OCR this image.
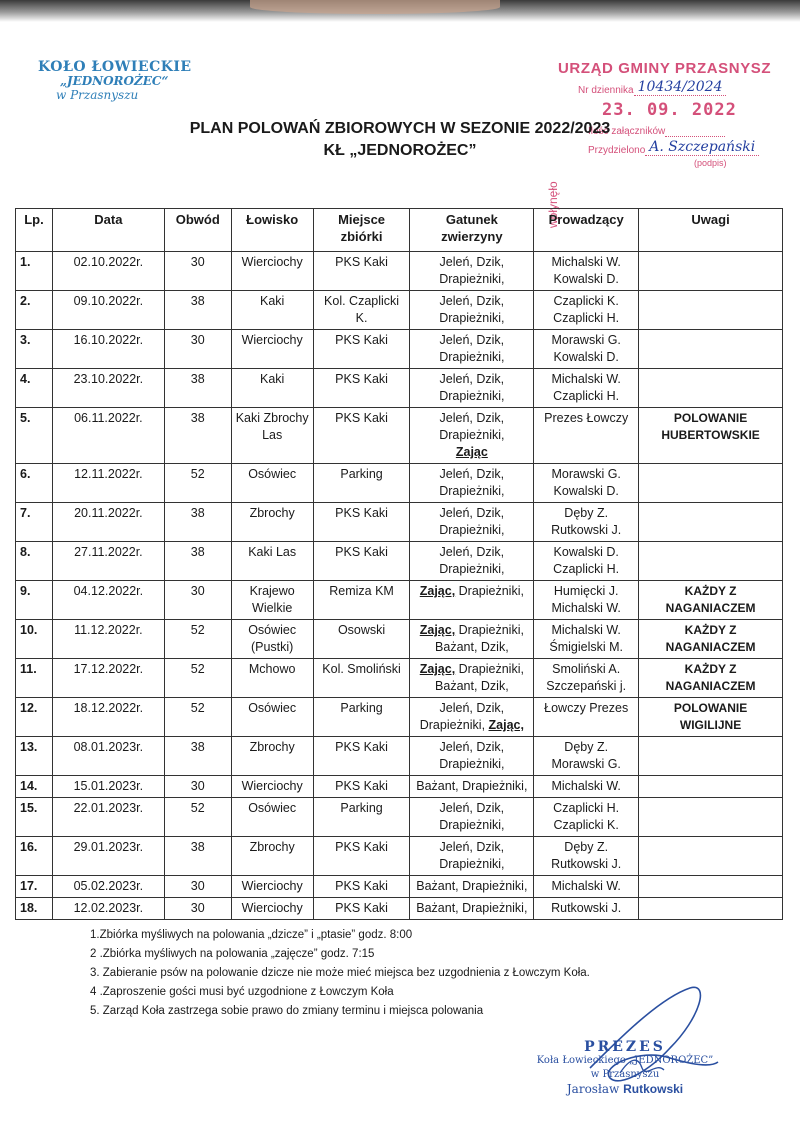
KOŁO ŁOWIECKIE
„JEDNOROŻEC“
w Przasnyszu
URZĄD GMINY PRZASNYSZ
Nr dziennika 10434/2024
23. 09. 2022
Ilość załączników
Przydzielono A. Szczepański
(podpis)
wpłynęło
PLAN POLOWAŃ ZBIOROWYCH W SEZONIE 2022/2023
KŁ „JEDNOROŻEC”
Lp.	Data	Obwód	Łowisko	Miejsce zbiórki	Gatunek zwierzyny	Prowadzący	Uwagi
1.	02.10.2022r.	30	Wierciochy	PKS Kaki	Jeleń, Dzik, Drapieżniki,	Michalski W. Kowalski D.	
2.	09.10.2022r.	38	Kaki	Kol. Czaplicki K.	Jeleń, Dzik, Drapieżniki,	Czaplicki K. Czaplicki H.	
3.	16.10.2022r.	30	Wierciochy	PKS Kaki	Jeleń, Dzik, Drapieżniki,	Morawski G. Kowalski D.	
4.	23.10.2022r.	38	Kaki	PKS Kaki	Jeleń, Dzik, Drapieżniki,	Michalski W. Czaplicki H.	
5.	06.11.2022r.	38	Kaki Zbrochy Las	PKS Kaki	Jeleń, Dzik, Drapieżniki,
Zając	Prezes Łowczy	POLOWANIE HUBERTOWSKIE
6.	12.11.2022r.	52	Osówiec	Parking	Jeleń, Dzik, Drapieżniki,	Morawski G. Kowalski D.	
7.	20.11.2022r.	38	Zbrochy	PKS Kaki	Jeleń, Dzik, Drapieżniki,	Dęby Z. Rutkowski J.	
8.	27.11.2022r.	38	Kaki Las	PKS Kaki	Jeleń, Dzik, Drapieżniki,	Kowalski D. Czaplicki H.	
9.	04.12.2022r.	30	Krajewo Wielkie	Remiza KM	Zając, Drapieżniki,	Humięcki J. Michalski W.	KAŻDY Z NAGANIACZEM
10.	11.12.2022r.	52	Osówiec (Pustki)	Osowski	Zając, Drapieżniki, Bażant, Dzik,	Michalski W. Śmigielski M.	KAŻDY Z NAGANIACZEM
11.	17.12.2022r.	52	Mchowo	Kol. Smoliński	Zając, Drapieżniki, Bażant, Dzik,	Smoliński A. Szczepański j.	KAŻDY Z NAGANIACZEM
12.	18.12.2022r.	52	Osówiec	Parking	Jeleń, Dzik, Drapieżniki, Zając,	Łowczy Prezes	POLOWANIE WIGILIJNE
13.	08.01.2023r.	38	Zbrochy	PKS Kaki	Jeleń, Dzik, Drapieżniki,	Dęby Z. Morawski G.	
14.	15.01.2023r.	30	Wierciochy	PKS Kaki	Bażant, Drapieżniki,	Michalski W.	
15.	22.01.2023r.	52	Osówiec	Parking	Jeleń, Dzik, Drapieżniki,	Czaplicki H. Czaplicki K.	
16.	29.01.2023r.	38	Zbrochy	PKS Kaki	Jeleń, Dzik, Drapieżniki,	Dęby Z. Rutkowski J.	
17.	05.02.2023r.	30	Wierciochy	PKS Kaki	Bażant, Drapieżniki,	Michalski W.	
18.	12.02.2023r.	30	Wierciochy	PKS Kaki	Bażant, Drapieżniki,	Rutkowski J.	
1.Zbiórka myśliwych na polowania „dzicze” i „ptasie” godz. 8:00
2 .Zbiórka myśliwych na polowania „zajęcze” godz. 7:15
3. Zabieranie psów na polowanie dzicze nie może mieć miejsca bez uzgodnienia z Łowczym Koła.
4 .Zaproszenie gości musi być uzgodnione z Łowczym Koła
5. Zarząd Koła zastrzega sobie prawo do zmiany terminu i miejsca polowania
PREZES
Koła Łowieckiego „JEDNOROŻEC”
w Przasnyszu
Jarosław Rutkowski
